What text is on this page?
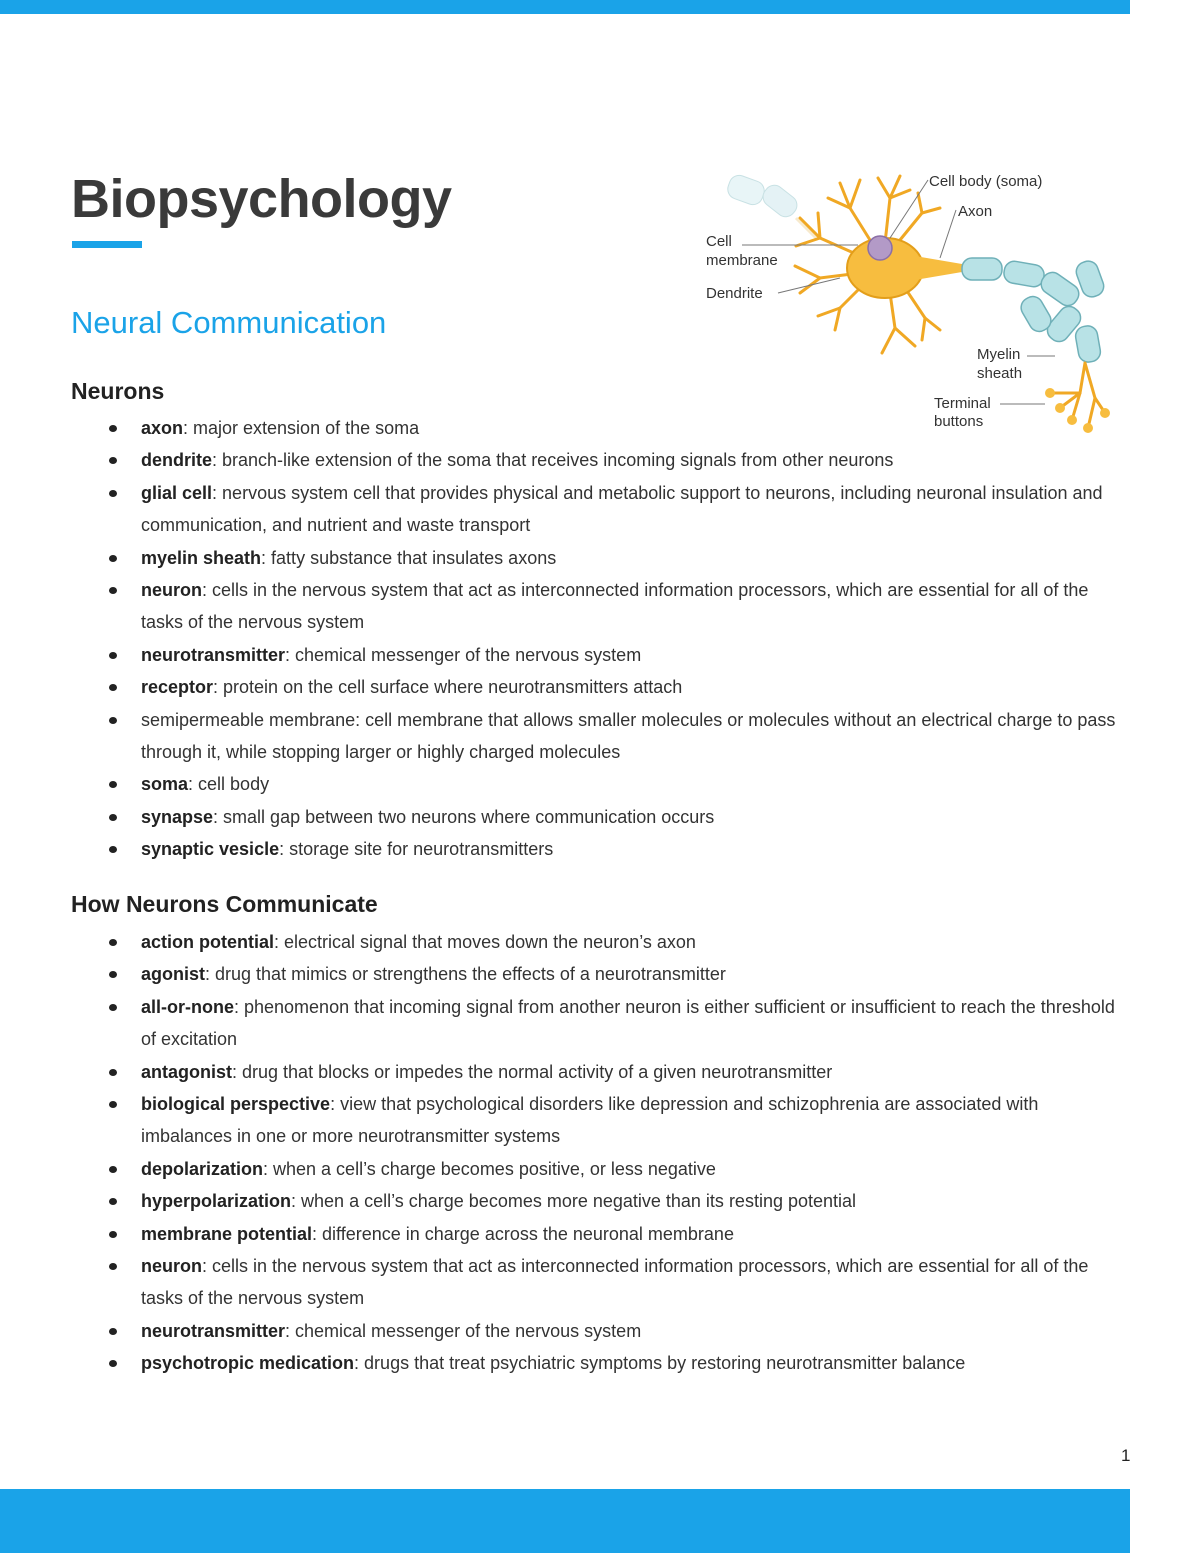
Biopsychology
Neural Communication
Cell body (soma)
Axon
Cell
membrane
Dendrite
Myelin
sheath
Terminal
buttons
Neurons
axon: major extension of the soma
dendrite: branch-like extension of the soma that receives incoming signals from other neurons
glial cell: nervous system cell that provides physical and metabolic support to neurons, including neuronal insulation and communication, and nutrient and waste transport
myelin sheath: fatty substance that insulates axons
neuron: cells in the nervous system that act as interconnected information processors, which are essential for all of the tasks of the nervous system
neurotransmitter: chemical messenger of the nervous system
receptor: protein on the cell surface where neurotransmitters attach
semipermeable membrane: cell membrane that allows smaller molecules or molecules without an electrical charge to pass through it, while stopping larger or highly charged molecules
soma: cell body
synapse: small gap between two neurons where communication occurs
synaptic vesicle: storage site for neurotransmitters
How Neurons Communicate
action potential: electrical signal that moves down the neuron’s axon
agonist: drug that mimics or strengthens the effects of a neurotransmitter
all-or-none: phenomenon that incoming signal from another neuron is either sufficient or insufficient to reach the threshold of excitation
antagonist: drug that blocks or impedes the normal activity of a given neurotransmitter
biological perspective: view that psychological disorders like depression and schizophrenia are associated with imbalances in one or more neurotransmitter systems
depolarization: when a cell’s charge becomes positive, or less negative
hyperpolarization: when a cell’s charge becomes more negative than its resting potential
membrane potential: difference in charge across the neuronal membrane
neuron: cells in the nervous system that act as interconnected information processors, which are essential for all of the tasks of the nervous system
neurotransmitter: chemical messenger of the nervous system
psychotropic medication: drugs that treat psychiatric symptoms by restoring neurotransmitter balance
1
